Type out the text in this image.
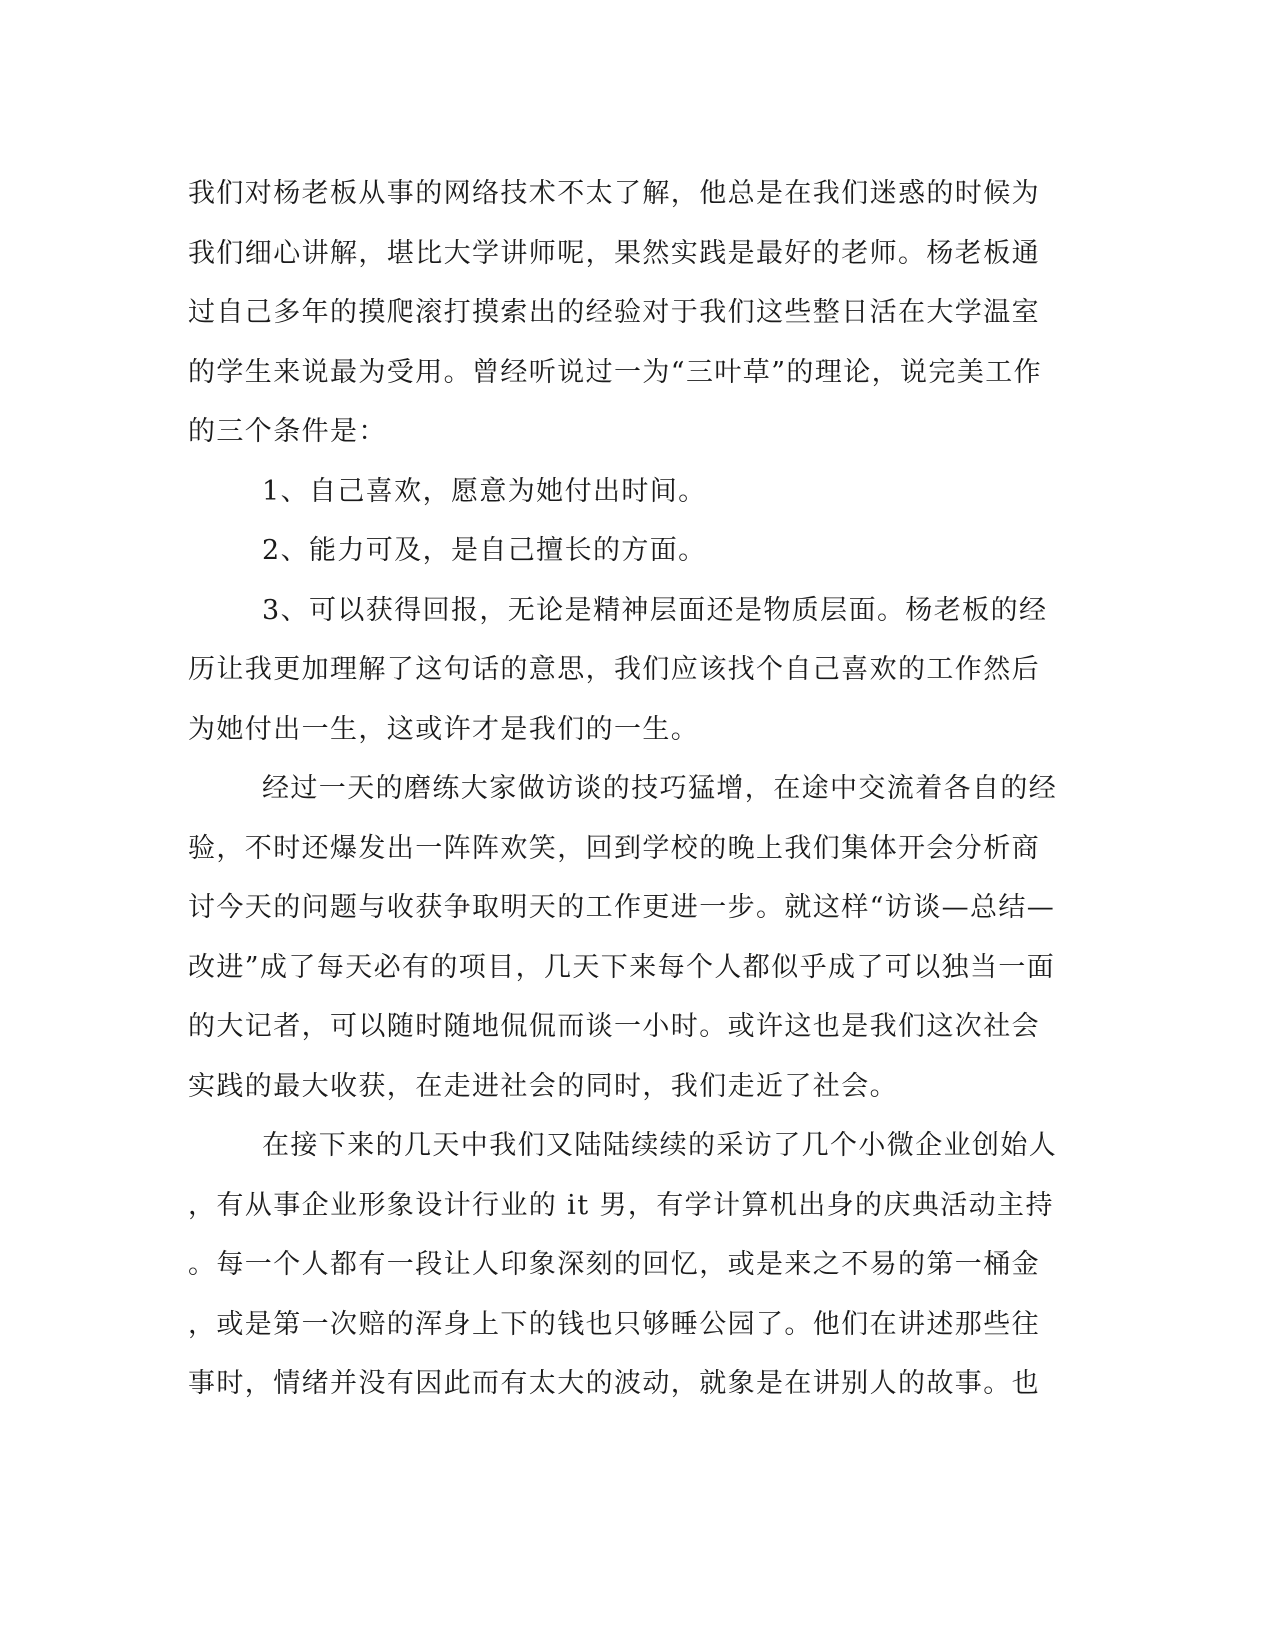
我们对杨老板从事的网络技术不太了解，他总是在我们迷惑的时候为
我们细心讲解，堪比大学讲师呢，果然实践是最好的老师。杨老板通
过自己多年的摸爬滚打摸索出的经验对于我们这些整日活在大学温室
的学生来说最为受用。曾经听说过一为“三叶草”的理论，说完美工作
的三个条件是：
1、自己喜欢，愿意为她付出时间。
2、能力可及，是自己擅长的方面。
3、可以获得回报，无论是精神层面还是物质层面。杨老板的经
历让我更加理解了这句话的意思，我们应该找个自己喜欢的工作然后
为她付出一生，这或许才是我们的一生。
经过一天的磨练大家做访谈的技巧猛增，在途中交流着各自的经
验，不时还爆发出一阵阵欢笑，回到学校的晚上我们集体开会分析商
讨今天的问题与收获争取明天的工作更进一步。就这样“访谈—总结—
改进”成了每天必有的项目，几天下来每个人都似乎成了可以独当一面
的大记者，可以随时随地侃侃而谈一小时。或许这也是我们这次社会
实践的最大收获，在走进社会的同时，我们走近了社会。
在接下来的几天中我们又陆陆续续的采访了几个小微企业创始人
，有从事企业形象设计行业的 it 男，有学计算机出身的庆典活动主持
。每一个人都有一段让人印象深刻的回忆，或是来之不易的第一桶金
，或是第一次赔的浑身上下的钱也只够睡公园了。他们在讲述那些往
事时，情绪并没有因此而有太大的波动，就象是在讲别人的故事。也
